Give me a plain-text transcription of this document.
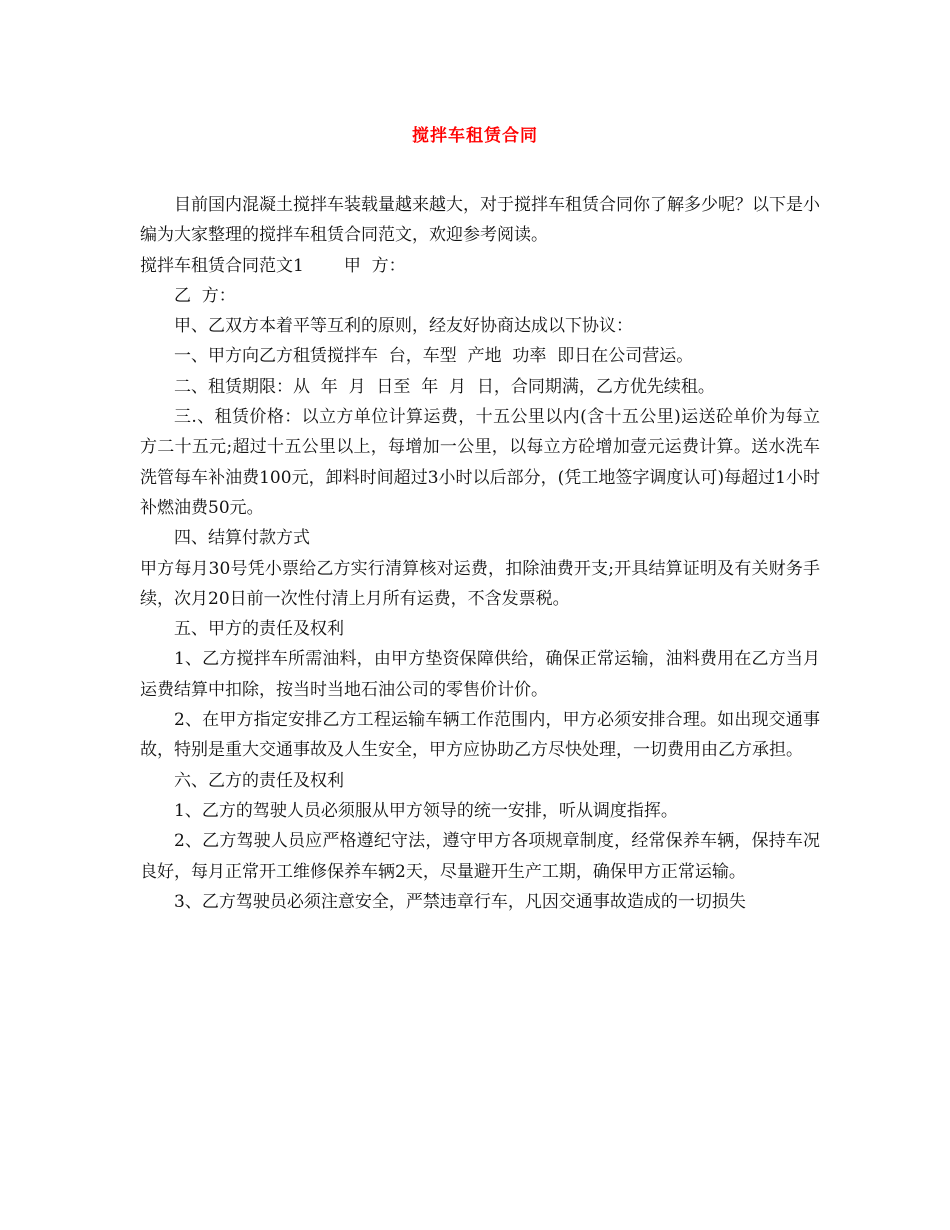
搅拌车租赁合同

目前国内混凝土搅拌车装载量越来越大，对于搅拌车租赁合同你了解多少呢？以下是小编为大家整理的搅拌车租赁合同范文，欢迎参考阅读。

搅拌车租赁合同范文1 甲  方：

乙  方：

甲、乙双方本着平等互利的原则，经友好协商达成以下协议：

一、甲方向乙方租赁搅拌车  台，车型  产地  功率  即日在公司营运。

二、租赁期限：从  年  月  日至  年  月  日，合同期满，乙方优先续租。

三.、租赁价格：以立方单位计算运费，十五公里以内(含十五公里)运送砼单价为每立方二十五元;超过十五公里以上，每增加一公里，以每立方砼增加壹元运费计算。送水洗车洗管每车补油费100元，卸料时间超过3小时以后部分，(凭工地签字调度认可)每超过1小时补燃油费50元。

四、结算付款方式

甲方每月30号凭小票给乙方实行清算核对运费，扣除油费开支;开具结算证明及有关财务手续，次月20日前一次性付清上月所有运费，不含发票税。

五、甲方的责任及权利

1、乙方搅拌车所需油料，由甲方垫资保障供给，确保正常运输，油料费用在乙方当月运费结算中扣除，按当时当地石油公司的零售价计价。

2、在甲方指定安排乙方工程运输车辆工作范围内，甲方必须安排合理。如出现交通事故，特别是重大交通事故及人生安全，甲方应协助乙方尽快处理，一切费用由乙方承担。

六、乙方的责任及权利

1、乙方的驾驶人员必须服从甲方领导的统一安排，听从调度指挥。

2、乙方驾驶人员应严格遵纪守法，遵守甲方各项规章制度，经常保养车辆，保持车况良好，每月正常开工维修保养车辆2天，尽量避开生产工期，确保甲方正常运输。

3、乙方驾驶员必须注意安全，严禁违章行车，凡因交通事故造成的一切损失
